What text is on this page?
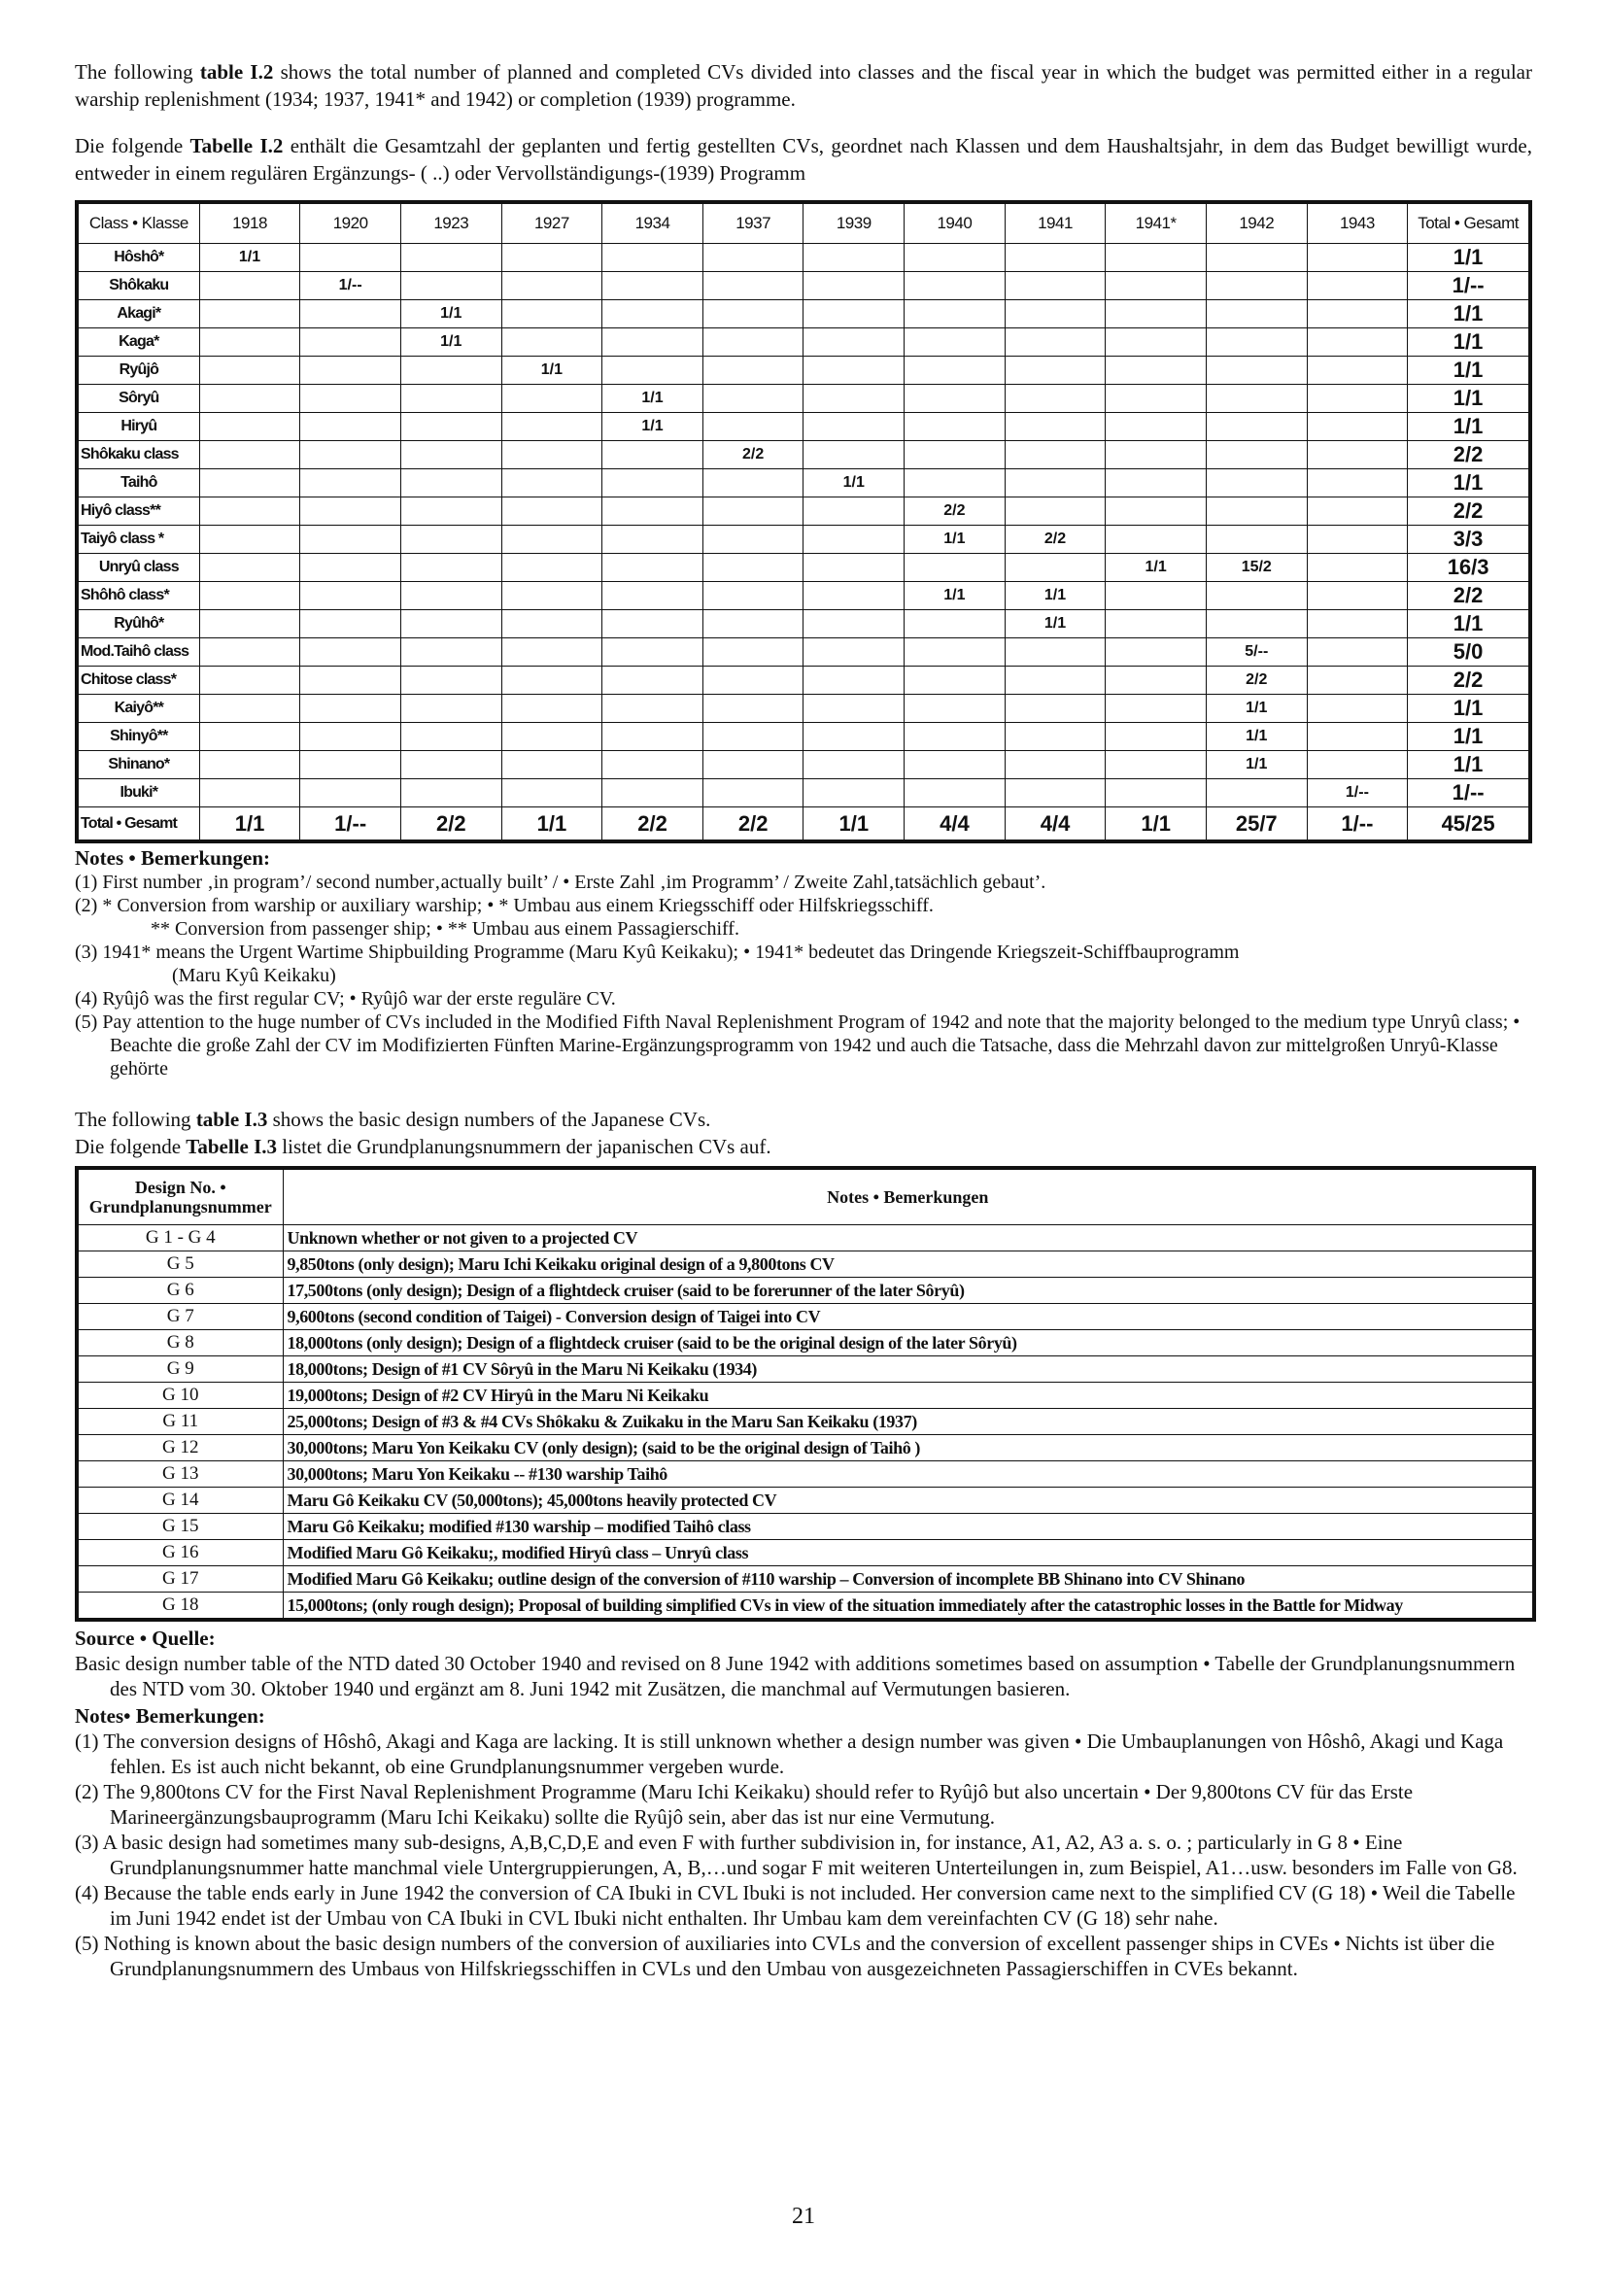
The following table I.2 shows the total number of planned and completed CVs divided into classes and the fiscal year in which the budget was permitted either in a regular warship replenishment (1934; 1937, 1941* and 1942) or completion (1939) programme.

Die folgende Tabelle I.2 enthält die Gesamtzahl der geplanten und fertig gestellten CVs, geordnet nach Klassen und dem Haushaltsjahr, in dem das Budget bewilligt wurde, entweder in einem regulären Ergänzungs- ( ..) oder Vervollständigungs-(1939) Programm

Class • Klasse	1918	1920	1923	1927	1934	1937	1939	1940	1941	1941*	1942	1943	Total • Gesamt
Hôshô*	1/1												1/1
Shôkaku		1/--											1/--
Akagi*			1/1										1/1
Kaga*			1/1										1/1
Ryûjô				1/1									1/1
Sôryû					1/1								1/1
Hiryû					1/1								1/1
Shôkaku class						2/2							2/2
Taihô							1/1						1/1
Hiyô class**								2/2					2/2
Taiyô class *								1/1	2/2				3/3
Unryû class										1/1	15/2		16/3
Shôhô class*								1/1	1/1				2/2
Ryûhô*									1/1				1/1
Mod.Taihô class											5/--		5/0
Chitose class*											2/2		2/2
Kaiyô**											1/1		1/1
Shinyô**											1/1		1/1
Shinano*											1/1		1/1
Ibuki*												1/--	1/--
Total • Gesamt	1/1	1/--	2/2	1/1	2/2	2/2	1/1	4/4	4/4	1/1	25/7	1/--	45/25
Notes • Bemerkungen:

(1) First number ‚in program’/ second number‚actually built’ / • Erste Zahl ‚im Programm’ / Zweite Zahl‚tatsächlich gebaut’.

(2) * Conversion from warship or auxiliary warship; • * Umbau aus einem Kriegsschiff oder Hilfskriegsschiff.

** Conversion from passenger ship; • ** Umbau aus einem Passagierschiff.

(3) 1941* means the Urgent Wartime Shipbuilding Programme (Maru Kyû Keikaku); • 1941* bedeutet das Dringende Kriegszeit-Schiffbauprogramm

(Maru Kyû Keikaku)

(4) Ryûjô was the first regular CV; • Ryûjô war der erste reguläre CV.

(5) Pay attention to the huge number of CVs included in the Modified Fifth Naval Replenishment Program of 1942 and note that the majority belonged to the medium type Unryû class; • Beachte die große Zahl der CV im Modifizierten Fünften Marine-Ergänzungsprogramm von 1942 und auch die Tatsache, dass die Mehrzahl davon zur mittelgroßen Unryû-Klasse gehörte

The following table I.3 shows the basic design numbers of the Japanese CVs.

Die folgende Tabelle I.3 listet die Grundplanungsnummern der japanischen CVs auf.

Design No. •
Grundplanungsnummer	Notes • Bemerkungen
G 1 - G 4	Unknown whether or not given to a projected CV
G 5	9,850tons (only design); Maru Ichi Keikaku original design of a 9,800tons CV
G 6	17,500tons (only design); Design of a flightdeck cruiser (said to be forerunner of the later Sôryû)
G 7	9,600tons (second condition of Taigei) - Conversion design of Taigei into CV
G 8	18,000tons (only design); Design of a flightdeck cruiser (said to be the original design of the later Sôryû)
G 9	18,000tons; Design of #1 CV Sôryû in the Maru Ni Keikaku (1934)
G 10	19,000tons; Design of #2 CV Hiryû in the Maru Ni Keikaku
G 11	25,000tons; Design of #3 & #4 CVs Shôkaku & Zuikaku in the Maru San Keikaku (1937)
G 12	30,000tons; Maru Yon Keikaku CV (only design); (said to be the original design of Taihô )
G 13	30,000tons; Maru Yon Keikaku -- #130 warship Taihô
G 14	Maru Gô Keikaku CV (50,000tons); 45,000tons heavily protected CV
G 15	Maru Gô Keikaku; modified #130 warship – modified Taihô class
G 16	Modified Maru Gô Keikaku;, modified Hiryû class – Unryû class
G 17	Modified Maru Gô Keikaku; outline design of the conversion of #110 warship – Conversion of incomplete BB Shinano into CV Shinano
G 18	15,000tons; (only rough design); Proposal of building simplified CVs in view of the situation immediately after the catastrophic losses in the Battle for Midway
Source • Quelle:

Basic design number table of the NTD dated 30 October 1940 and revised on 8 June 1942 with additions sometimes based on assumption • Tabelle der Grundplanungsnummern des NTD vom 30. Oktober 1940 und ergänzt am 8. Juni 1942 mit Zusätzen, die manchmal auf Vermutungen basieren.

Notes• Bemerkungen:

(1) The conversion designs of Hôshô, Akagi and Kaga are lacking. It is still unknown whether a design number was given • Die Umbauplanungen von Hôshô, Akagi und Kaga fehlen. Es ist auch nicht bekannt, ob eine Grundplanungsnummer vergeben wurde.

(2) The 9,800tons CV for the First Naval Replenishment Programme (Maru Ichi Keikaku) should refer to Ryûjô but also uncertain • Der 9,800tons CV für das Erste Marineergänzungsbauprogramm (Maru Ichi Keikaku) sollte die Ryûjô sein, aber das ist nur eine Vermutung.

(3) A basic design had sometimes many sub-designs, A,B,C,D,E and even F with further subdivision in, for instance, A1, A2, A3 a. s. o. ; particularly in G 8 • Eine Grundplanungsnummer hatte manchmal viele Untergruppierungen, A, B,…und sogar F mit weiteren Unterteilungen in, zum Beispiel, A1…usw. besonders im Falle von G8.

(4) Because the table ends early in June 1942 the conversion of CA Ibuki in CVL Ibuki is not included. Her conversion came next to the simplified CV (G 18) • Weil die Tabelle im Juni 1942 endet ist der Umbau von CA Ibuki in CVL Ibuki nicht enthalten. Ihr Umbau kam dem vereinfachten CV (G 18) sehr nahe.

(5) Nothing is known about the basic design numbers of the conversion of auxiliaries into CVLs and the conversion of excellent passenger ships in CVEs • Nichts ist über die Grundplanungsnummern des Umbaus von Hilfskriegsschiffen in CVLs und den Umbau von ausgezeichneten Passagierschiffen in CVEs bekannt.

21
